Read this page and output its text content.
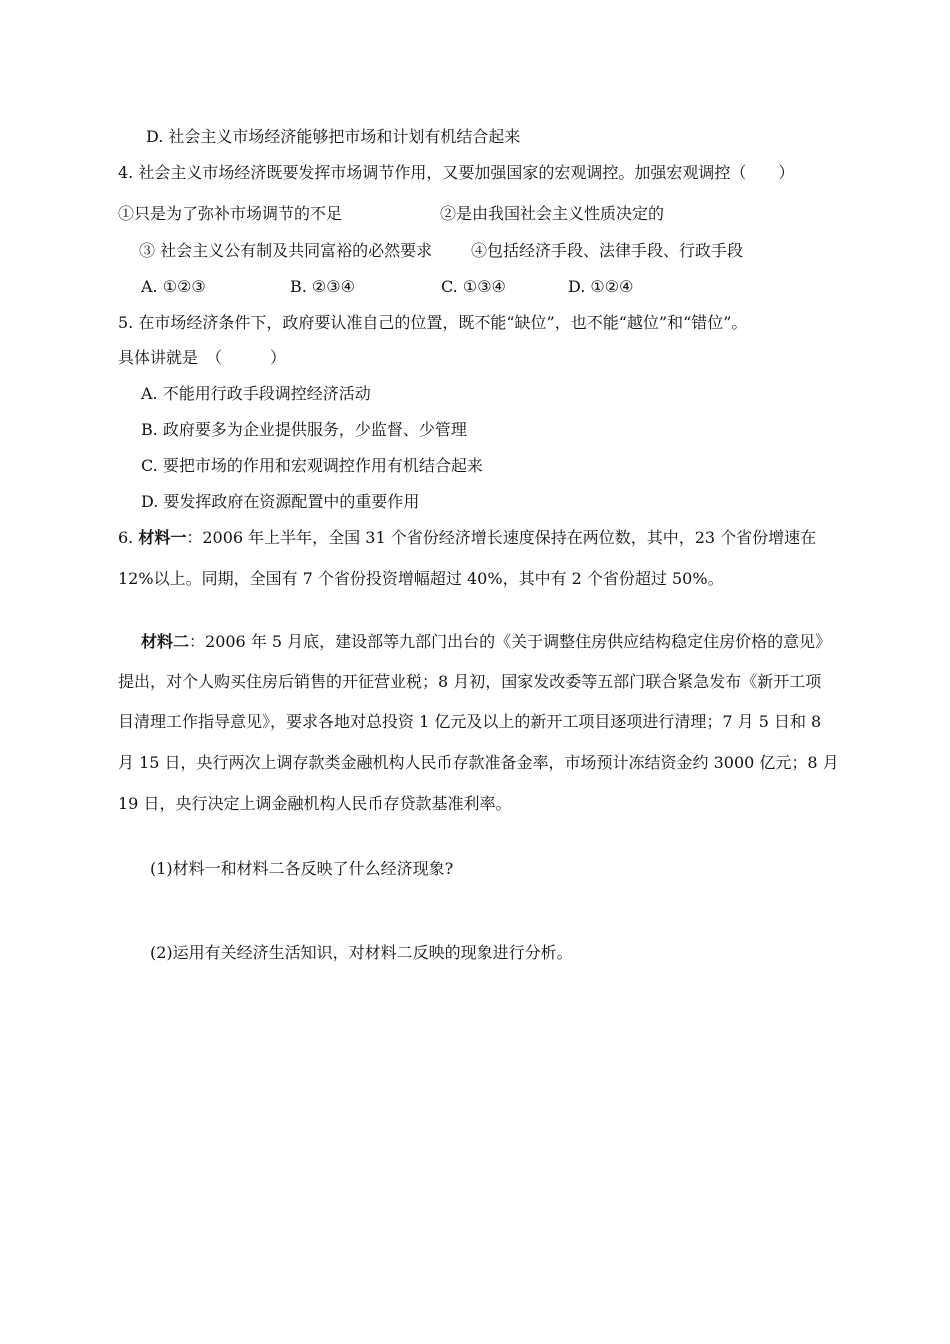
D. 社会主义市场经济能够把市场和计划有机结合起来
4. 社会主义市场经济既要发挥市场调节作用，又要加强国家的宏观调控。加强宏观调控（　　）
①只是为了弥补市场调节的不足	②是由我国社会主义性质决定的
③ 社会主义公有制及共同富裕的必然要求 ④包括经济手段、法律手段、行政手段
A. ①②③	B. ②③④	C. ①③④	D. ①②④
5. 在市场经济条件下，政府要认准自己的位置，既不能“缺位”，也不能“越位”和“错位”。
具体讲就是　（　　　）
A. 不能用行政手段调控经济活动
B. 政府要多为企业提供服务，少监督、少管理
C. 要把市场的作用和宏观调控作用有机结合起来
D. 要发挥政府在资源配置中的重要作用
6. 材料一：2006 年上半年，全国 31 个省份经济增长速度保持在两位数，其中，23 个省份增速在
12%以上。同期，全国有 7 个省份投资增幅超过 40%，其中有 2 个省份超过 50%。
材料二：2006 年 5 月底，建设部等九部门出台的《关于调整住房供应结构稳定住房价格的意见》
提出，对个人购买住房后销售的开征营业税；8 月初，国家发改委等五部门联合紧急发布《新开工项
目清理工作指导意见》，要求各地对总投资 1 亿元及以上的新开工项目逐项进行清理；7 月 5 日和 8
月 15 日，央行两次上调存款类金融机构人民币存款准备金率，市场预计冻结资金约 3000 亿元；8 月
19 日，央行决定上调金融机构人民币存贷款基准利率。
(1)材料一和材料二各反映了什么经济现象?
(2)运用有关经济生活知识，对材料二反映的现象进行分析。
